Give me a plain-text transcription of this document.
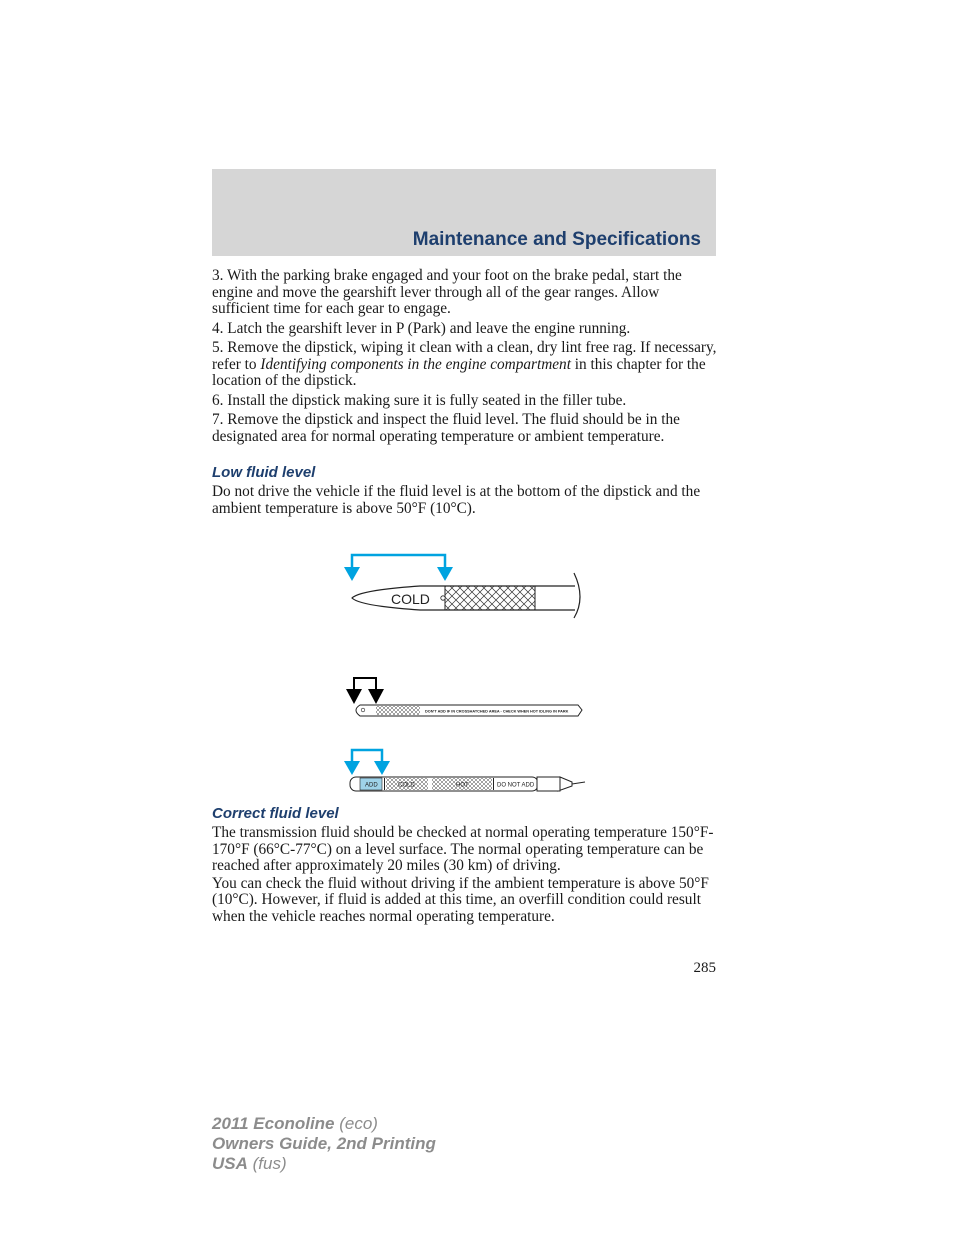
Maintenance and Specifications

3. With the parking brake engaged and your foot on the brake pedal, start the engine and move the gearshift lever through all of the gear ranges. Allow sufficient time for each gear to engage.

4. Latch the gearshift lever in P (Park) and leave the engine running.

5. Remove the dipstick, wiping it clean with a clean, dry lint free rag. If necessary, refer to Identifying components in the engine compartment in this chapter for the location of the dipstick.

6. Install the dipstick making sure it is fully seated in the filler tube.

7. Remove the dipstick and inspect the fluid level. The fluid should be in the designated area for normal operating temperature or ambient temperature.

Low fluid level
Do not drive the vehicle if the fluid level is at the bottom of the dipstick and the ambient temperature is above 50°F (10°C).
COLD
DON'T ADD IF IN CROSSHATCHED AREA - CHECK WHEN HOT IDLING IN PARK
ADD	COLD	HOT	DO NOT ADD
Correct fluid level

The transmission fluid should be checked at normal operating temperature 150°F-170°F (66°C-77°C) on a level surface. The normal operating temperature can be reached after approximately 20 miles (30 km) of driving.

You can check the fluid without driving if the ambient temperature is above 50°F (10°C). However, if fluid is added at this time, an overfill condition could result when the vehicle reaches normal operating temperature.

285
2011 Econoline (eco)
Owners Guide, 2nd Printing
USA (fus)
